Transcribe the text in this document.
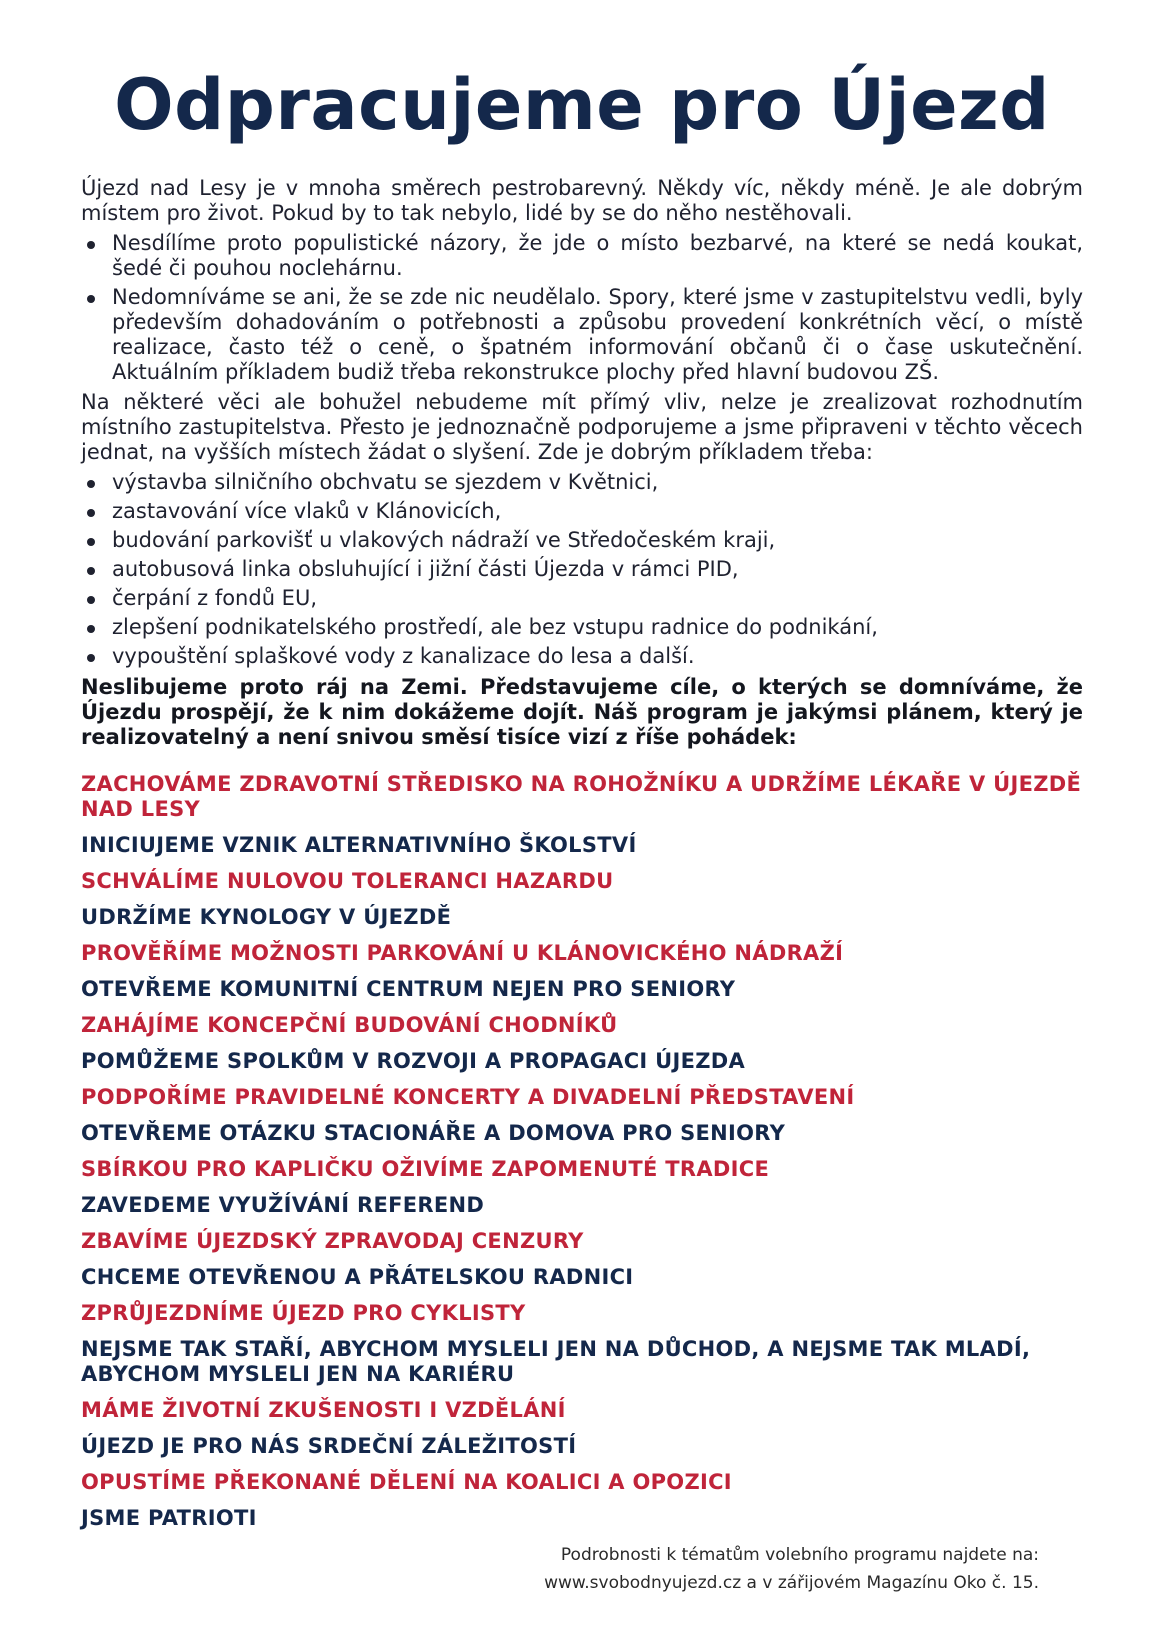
Odpracujeme pro Újezd

Újezd nad Lesy je v mnoha směrech pestrobarevný. Někdy víc, někdy méně. Je ale dobrým místem pro život. Pokud by to tak nebylo, lidé by se do něho nestěhovali.

Nesdílíme proto populistické názory, že jde o místo bezbarvé, na které se nedá koukat, šedé či pouhou noclehárnu.
Nedomníváme se ani, že se zde nic neudělalo. Spory, které jsme v zastupitelstvu vedli, byly především dohadováním o potřebnosti a způsobu provedení konkrétních věcí, o místě realizace, často též o ceně, o špatném informování občanů či o čase uskutečnění. Aktuálním příkladem budiž třeba rekonstrukce plochy před hlavní budovou ZŠ.

Na některé věci ale bohužel nebudeme mít přímý vliv, nelze je zrealizovat rozhodnutím místního zastupitelstva. Přesto je jednoznačně podporujeme a jsme připraveni v těchto věcech jednat, na vyšších místech žádat o slyšení. Zde je dobrým příkladem třeba:

výstavba silničního obchvatu se sjezdem v Květnici,
zastavování více vlaků v Klánovicích,
budování parkovišť u vlakových nádraží ve Středočeském kraji,
autobusová linka obsluhující i jižní části Újezda v rámci PID,
čerpání z fondů EU,
zlepšení podnikatelského prostředí, ale bez vstupu radnice do podnikání,
vypouštění splaškové vody z kanalizace do lesa a další.

Neslibujeme proto ráj na Zemi. Představujeme cíle, o kterých se domníváme, že Újezdu prospějí, že k nim dokážeme dojít. Náš program je jakýmsi plánem, který je realizovatelný a není snivou směsí tisíce vizí z říše pohádek:

ZACHOVÁME ZDRAVOTNÍ STŘEDISKO NA ROHOŽNÍKU A UDRŽÍME LÉKAŘE V ÚJEZDĚ NAD LESY
INICIUJEME VZNIK ALTERNATIVNÍHO ŠKOLSTVÍ
SCHVÁLÍME NULOVOU TOLERANCI HAZARDU
UDRŽÍME KYNOLOGY V ÚJEZDĚ
PROVĚŘÍME MOŽNOSTI PARKOVÁNÍ U KLÁNOVICKÉHO NÁDRAŽÍ
OTEVŘEME KOMUNITNÍ CENTRUM NEJEN PRO SENIORY
ZAHÁJÍME KONCEPČNÍ BUDOVÁNÍ CHODNÍKŮ
POMŮŽEME SPOLKŮM V ROZVOJI A PROPAGACI ÚJEZDA
PODPOŘÍME PRAVIDELNÉ KONCERTY A DIVADELNÍ PŘEDSTAVENÍ
OTEVŘEME OTÁZKU STACIONÁŘE A DOMOVA PRO SENIORY
SBÍRKOU PRO KAPLIČKU OŽIVÍME ZAPOMENUTÉ TRADICE
ZAVEDEME VYUŽÍVÁNÍ REFEREND
ZBAVÍME ÚJEZDSKÝ ZPRAVODAJ CENZURY
CHCEME OTEVŘENOU A PŘÁTELSKOU RADNICI
ZPRŮJEZDNÍME ÚJEZD PRO CYKLISTY
NEJSME TAK STAŘÍ, ABYCHOM MYSLELI JEN NA DŮCHOD, A NEJSME TAK MLADÍ, ABYCHOM MYSLELI JEN NA KARIÉRU
MÁME ŽIVOTNÍ ZKUŠENOSTI I VZDĚLÁNÍ
ÚJEZD JE PRO NÁS SRDEČNÍ ZÁLEŽITOSTÍ
OPUSTÍME PŘEKONANÉ DĚLENÍ NA KOALICI A OPOZICI
JSME PATRIOTI
Podrobnosti k tématům volebního programu najdete na:
www.svobodnyujezd.cz a v zářijovém Magazínu Oko č. 15.
